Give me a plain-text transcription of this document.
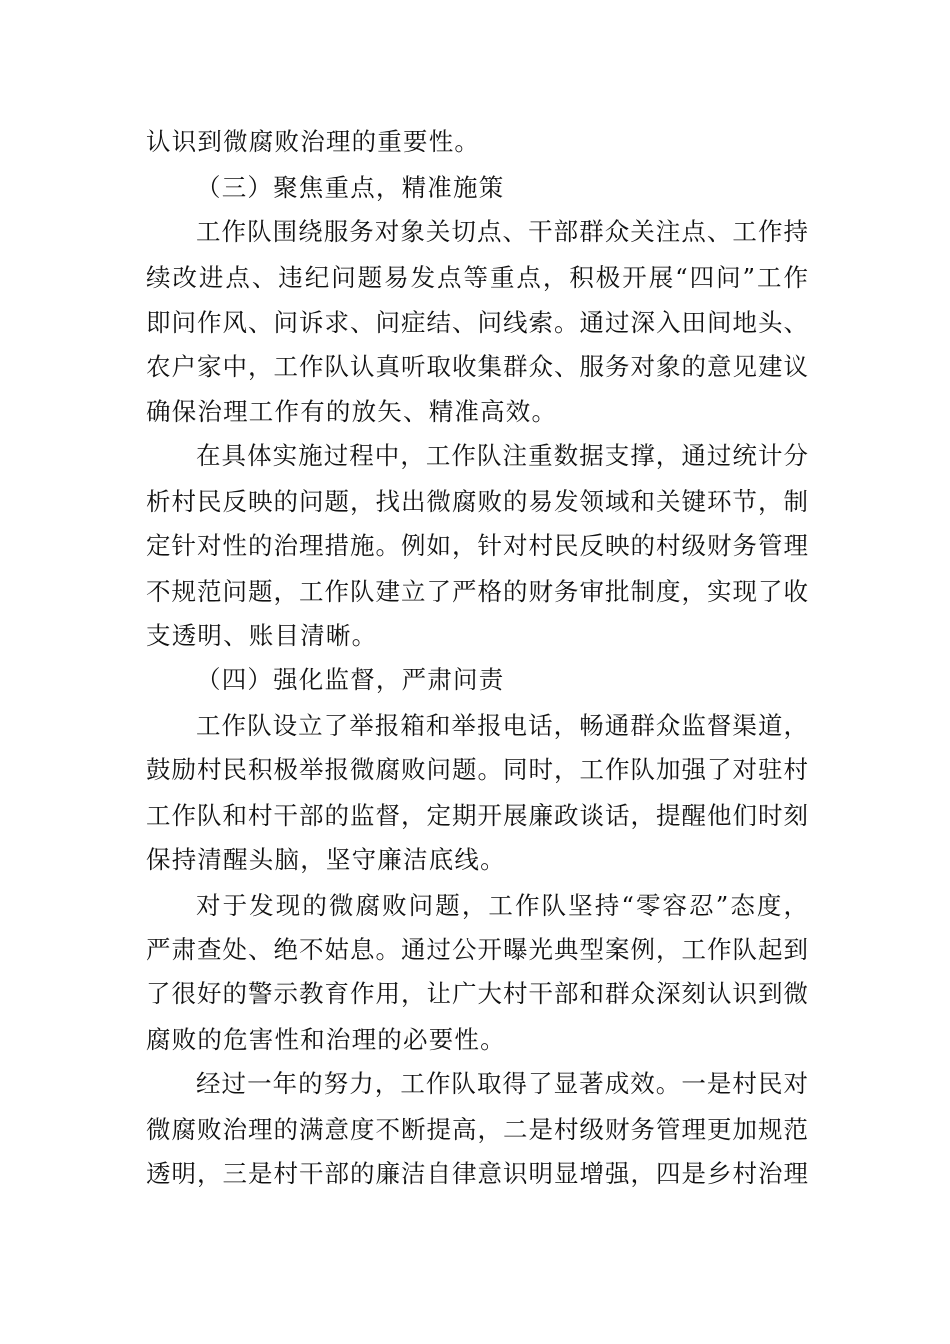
认识到微腐败治理的重要性。
（三）聚焦重点，精准施策
工作队围绕服务对象关切点、干部群众关注点、工作持
续改进点、违纪问题易发点等重点，积极开展“四问”工作
即问作风、问诉求、问症结、问线索。通过深入田间地头、
农户家中，工作队认真听取收集群众、服务对象的意见建议
确保治理工作有的放矢、精准高效。
在具体实施过程中，工作队注重数据支撑，通过统计分
析村民反映的问题，找出微腐败的易发领域和关键环节，制
定针对性的治理措施。例如，针对村民反映的村级财务管理
不规范问题，工作队建立了严格的财务审批制度，实现了收
支透明、账目清晰。
（四）强化监督，严肃问责
工作队设立了举报箱和举报电话，畅通群众监督渠道，
鼓励村民积极举报微腐败问题。同时，工作队加强了对驻村
工作队和村干部的监督，定期开展廉政谈话，提醒他们时刻
保持清醒头脑，坚守廉洁底线。
对于发现的微腐败问题，工作队坚持“零容忍”态度，
严肃查处、绝不姑息。通过公开曝光典型案例，工作队起到
了很好的警示教育作用，让广大村干部和群众深刻认识到微
腐败的危害性和治理的必要性。
经过一年的努力，工作队取得了显著成效。一是村民对
微腐败治理的满意度不断提高，二是村级财务管理更加规范
透明，三是村干部的廉洁自律意识明显增强，四是乡村治理
